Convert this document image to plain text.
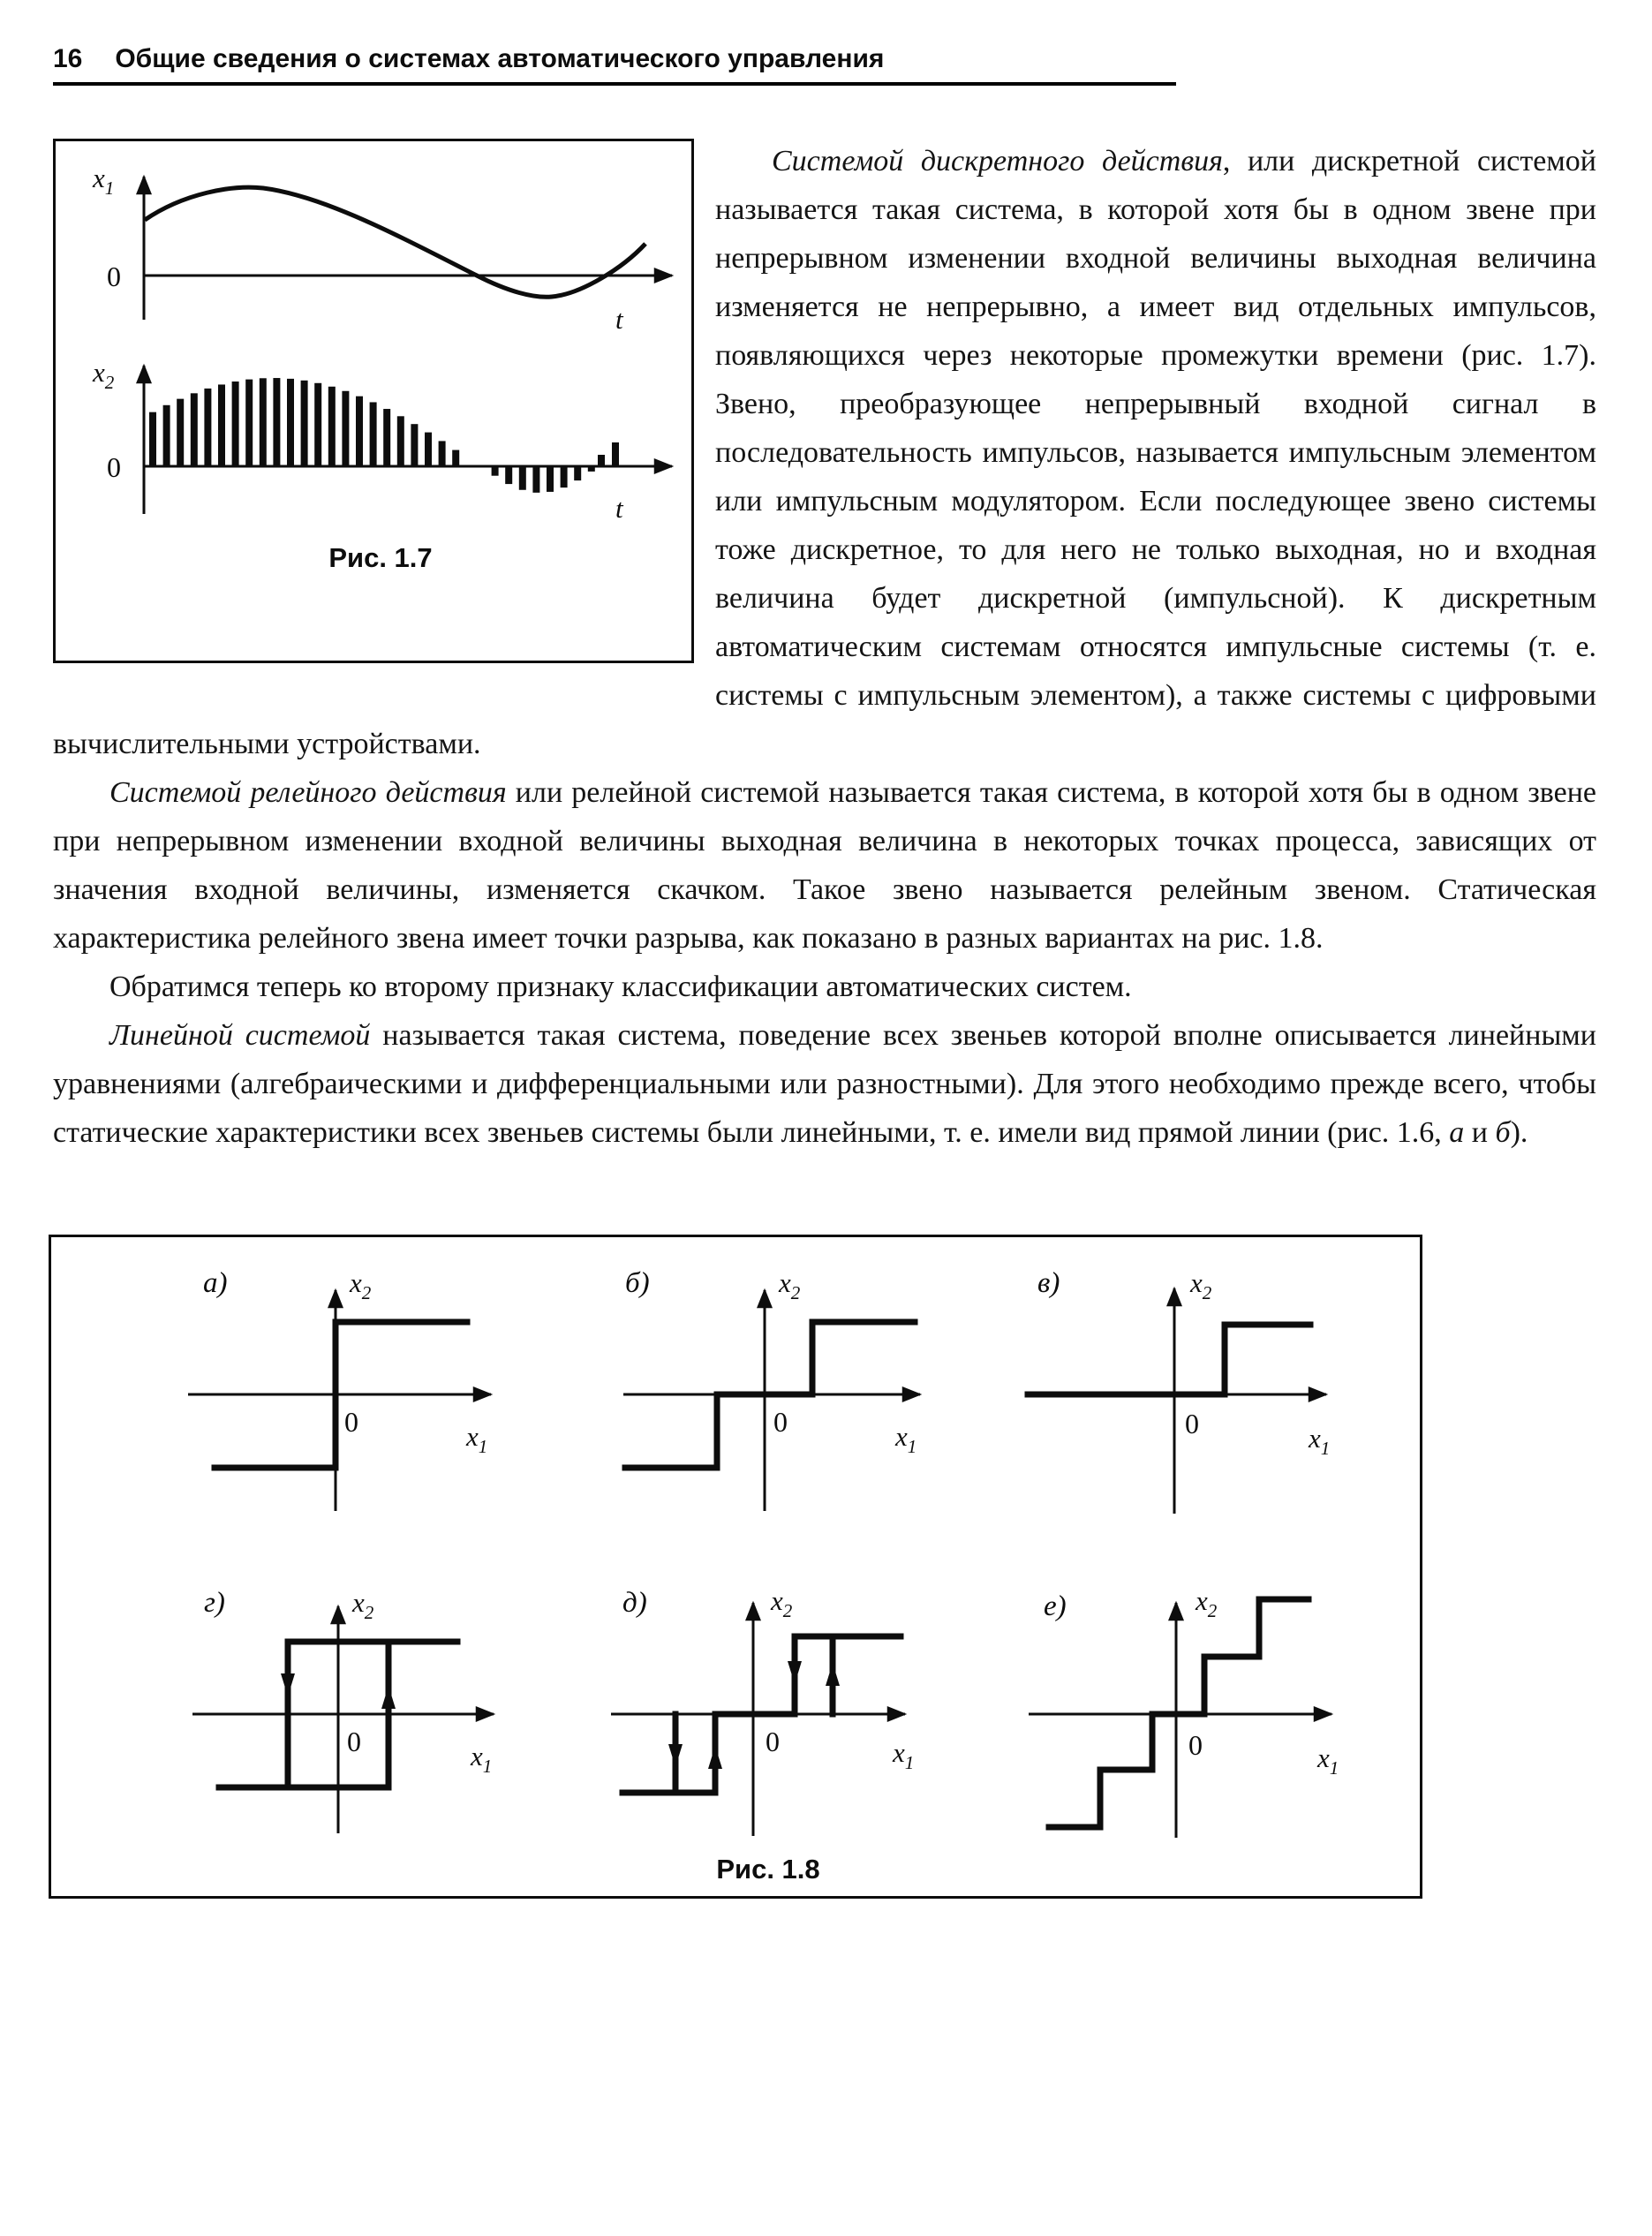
16 Общие сведения о системах автоматического управления
$x_1$
0
t
$x_2$
0
t
Рис. 1.7

Системой дискретного действия, или дискретной системой называется такая система, в которой хотя бы в одном звене при непрерывном изменении входной величины выходная величина изменяется не непрерывно, а имеет вид отдельных импульсов, появляющихся через некоторые промежутки времени (рис. 1.7). Звено, преобразующее непрерывный входной сигнал в последовательность импульсов, называется импульсным элементом или импульсным модулятором. Если последующее звено системы тоже дискретное, то для него не только выходная, но и входная величина будет дискретной (импульсной). К дискретным автоматическим системам относятся импульсные системы (т. е. системы с импульсным элементом), а также системы с цифровыми вычислительными устройствами.

Системой релейного действия или релейной системой называется такая система, в которой хотя бы в одном звене при непрерывном изменении входной величины выходная величина в некоторых точках процесса, зависящих от значения входной величины, изменяется скачком. Такое звено называется релейным звеном. Статическая характеристика релейного звена имеет точки разрыва, как показано в разных вариантах на рис. 1.8.

Обратимся теперь ко второму признаку классификации автоматических систем.

Линейной системой называется такая система, поведение всех звеньев которой вполне описывается линейными уравнениями (алгебраическими и дифференциальными или разностными). Для этого необходимо прежде всего, чтобы статические характеристики всех звеньев системы были линейными, т. е. имели вид прямой линии (рис. 1.6, а и б).

а)	$x_2$
0	$x_1$
б)	$x_2$
0	$x_1$
в)	$x_2$
0	$x_1$
г)	$x_2$
0	$x_1$
д)	$x_2$
0	$x_1$
е)	$x_2$
0	$x_1$
Рис. 1.8
